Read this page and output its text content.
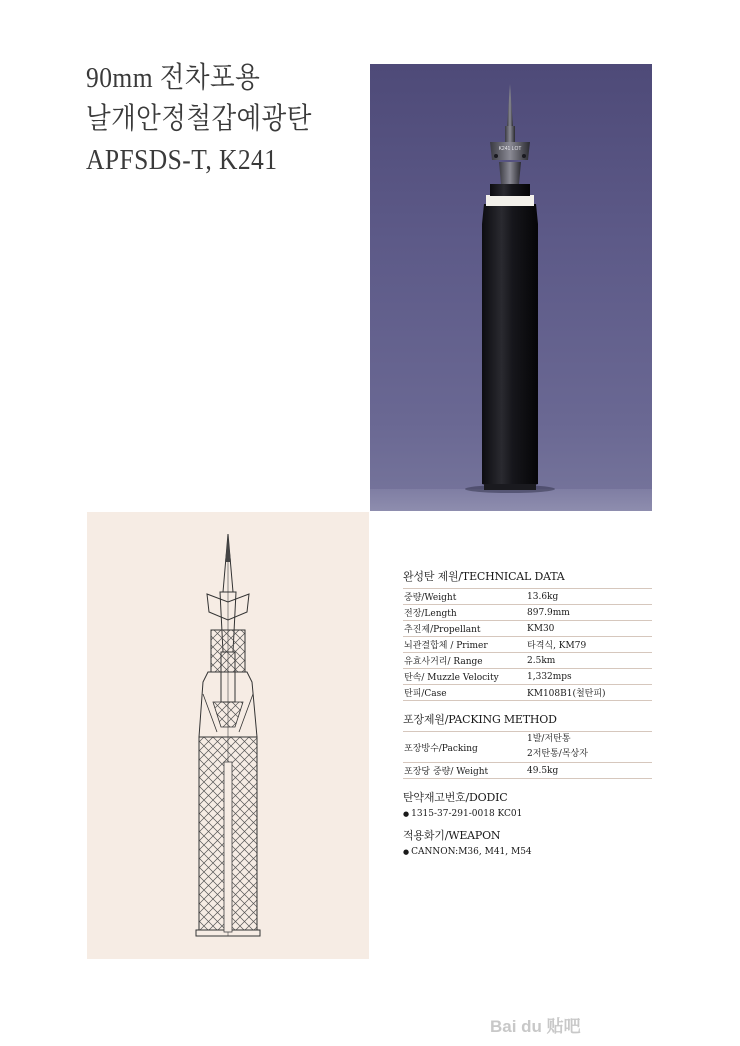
90mm 전차포용
날개안정철갑예광탄
APFSDS-T, K241	K241 LOT
완성탄 제원/TECHNICAL DATA
중량/Weight	13.6kg
전장/Length	897.9mm
추진제/Propellant	KM30
뇌관결합체 / Primer	타격식, KM79
유효사거리/ Range	2.5km
탄속/ Muzzle Velocity	1,332mps
탄피/Case	KM108B1(철탄피)
포장제원/PACKING METHOD
포장방수/Packing	1발/저탄통
2저탄통/목상자

포장당 중량/ Weight	49.5kg
탄약재고번호/DODIC
● 1315-37-291-0018 KC01
적용화기/WEAPON
● CANNON:M36, M41, M54
Bai du 贴吧
